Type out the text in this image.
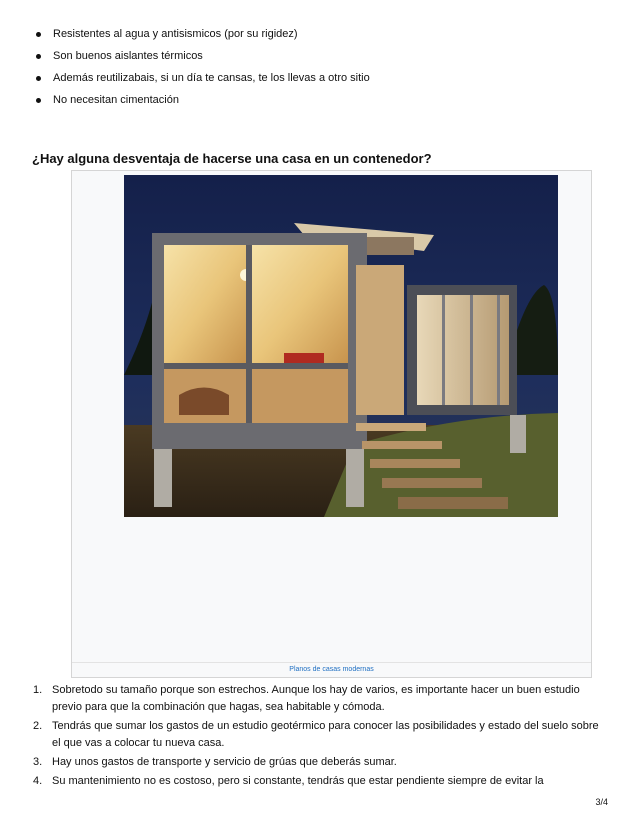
Resistentes al agua y antisismicos (por su rigidez)
Son buenos aislantes térmicos
Además reutilizabais, si un día te cansas, te los llevas a otro sitio
No necesitan cimentación
¿Hay alguna desventaja de hacerse una casa en un contenedor?
Planos de casas modernas
1. Sobretodo su tamaño porque son estrechos. Aunque los hay de varios, es importante hacer un buen estudio previo para que la combinación que hagas, sea habitable y cómoda.
2. Tendrás que sumar los gastos de un estudio geotérmico para conocer las posibilidades y estado del suelo sobre el que vas a colocar tu nueva casa.
3. Hay unos gastos de transporte y servicio de grúas que deberás sumar.
4. Su mantenimiento no es costoso, pero si constante, tendrás que estar pendiente siempre de evitar la
3/4
